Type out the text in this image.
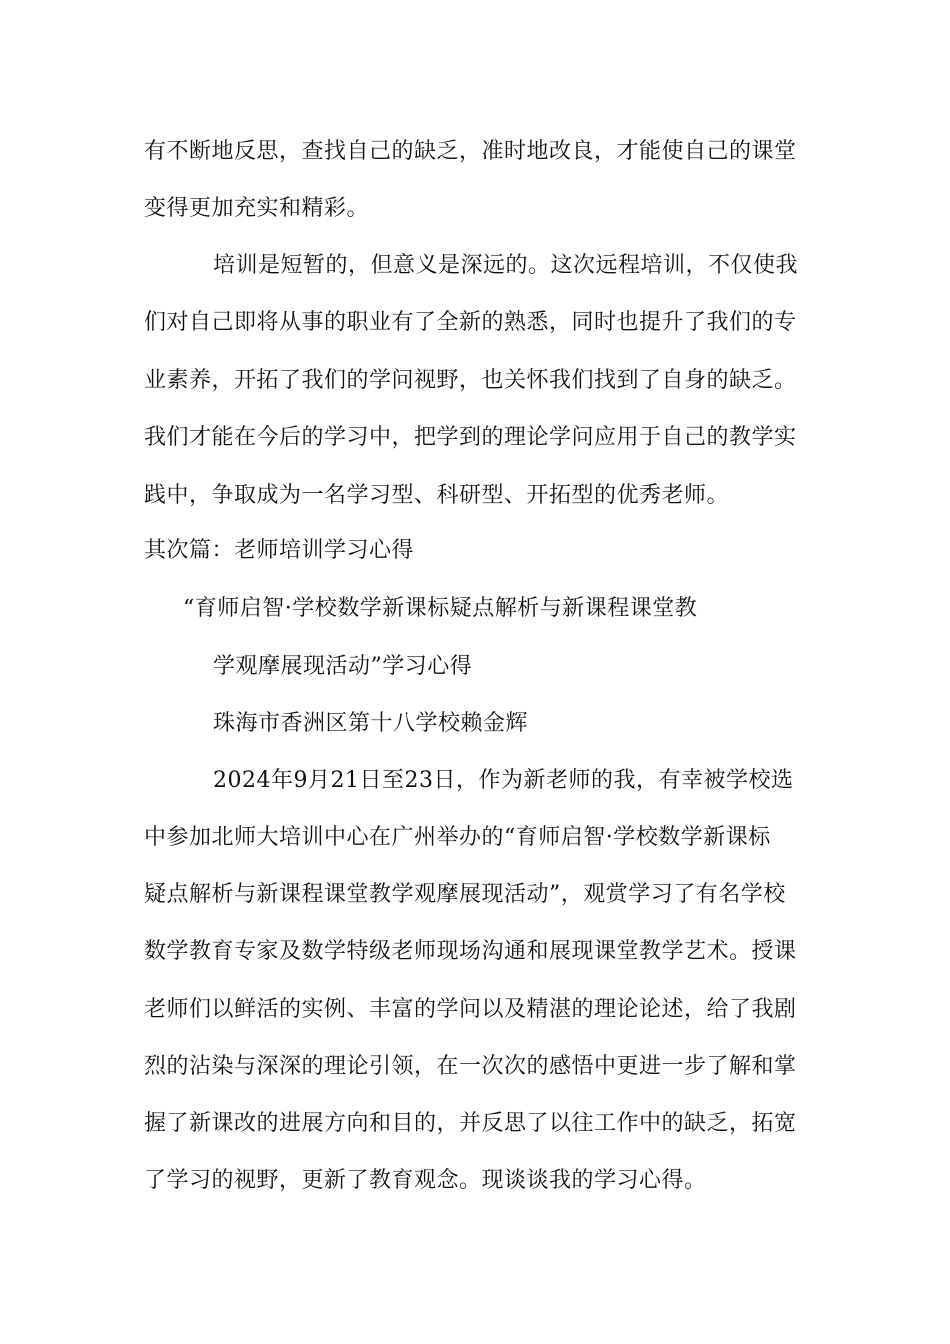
有不断地反思，查找自己的缺乏，准时地改良，才能使自己的课堂
变得更加充实和精彩。
培训是短暂的，但意义是深远的。这次远程培训，不仅使我
们对自己即将从事的职业有了全新的熟悉，同时也提升了我们的专
业素养，开拓了我们的学问视野，也关怀我们找到了自身的缺乏。
我们才能在今后的学习中，把学到的理论学问应用于自己的教学实
践中，争取成为一名学习型、科研型、开拓型的优秀老师。
其次篇：老师培训学习心得
“育师启智·学校数学新课标疑点解析与新课程课堂教
学观摩展现活动”学习心得
珠海市香洲区第十八学校赖金辉
2024年9月21日至23日，作为新老师的我，有幸被学校选
中参加北师大培训中心在广州举办的“育师启智·学校数学新课标
疑点解析与新课程课堂教学观摩展现活动”，观赏学习了有名学校
数学教育专家及数学特级老师现场沟通和展现课堂教学艺术。授课
老师们以鲜活的实例、丰富的学问以及精湛的理论论述，给了我剧
烈的沾染与深深的理论引领，在一次次的感悟中更进一步了解和掌
握了新课改的进展方向和目的，并反思了以往工作中的缺乏，拓宽
了学习的视野，更新了教育观念。现谈谈我的学习心得。
